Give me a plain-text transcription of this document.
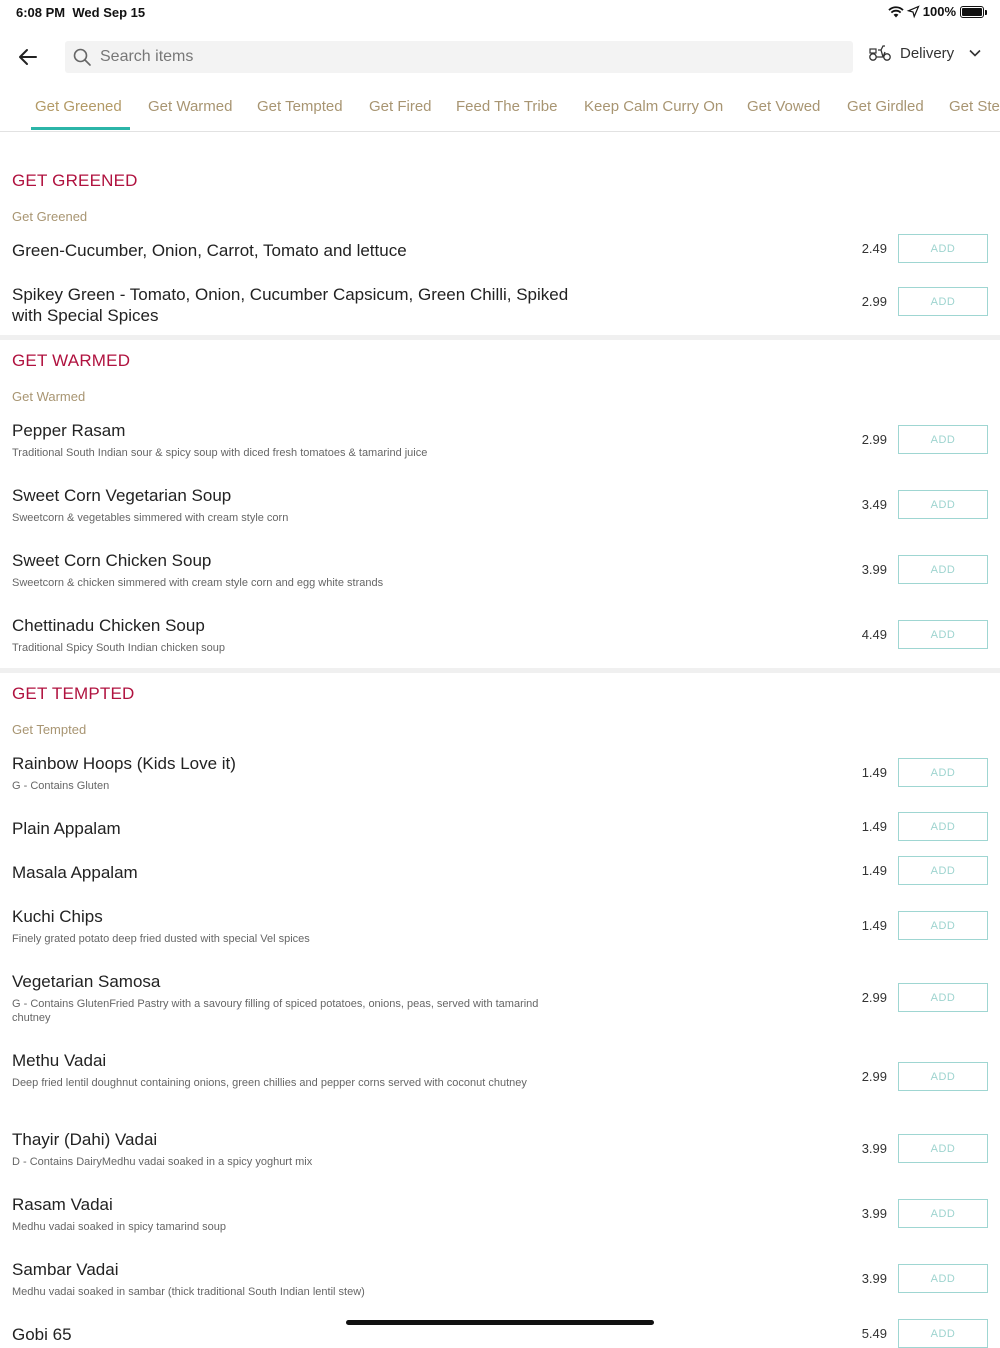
6:08 PM Wed Sep 15	100%
Search items
Delivery
Get Greened Get Warmed Get Tempted Get Fired Feed The Tribe Keep Calm Curry On Get Vowed Get Girdled Get Ste
GET GREENED
Get Greened
Green-Cucumber, Onion, Carrot, Tomato and lettuce	2.49	ADD
Spikey Green - Tomato, Onion, Cucumber Capsicum, Green Chilli, Spiked with Special Spices
2.99	ADD
GET WARMED
Get Warmed
Pepper Rasam
Traditional South Indian sour & spicy soup with diced fresh tomatoes & tamarind juice
2.99	ADD
Sweet Corn Vegetarian Soup
Sweetcorn & vegetables simmered with cream style corn
3.49	ADD
Sweet Corn Chicken Soup
Sweetcorn & chicken simmered with cream style corn and egg white strands
3.99	ADD
Chettinadu Chicken Soup
Traditional Spicy South Indian chicken soup
4.49	ADD
GET TEMPTED
Get Tempted
Rainbow Hoops (Kids Love it)
G - Contains Gluten
1.49	ADD
Plain Appalam	1.49	ADD
Masala Appalam	1.49	ADD
Kuchi Chips
Finely grated potato deep fried dusted with special Vel spices
1.49	ADD
Vegetarian Samosa
G - Contains GlutenFried Pastry with a savoury filling of spiced potatoes, onions, peas, served with tamarind chutney
2.99	ADD
Methu Vadai
Deep fried lentil doughnut containing onions, green chillies and pepper corns served with coconut chutney	2.99	ADD
Thayir (Dahi) Vadai
D - Contains DairyMedhu vadai soaked in a spicy yoghurt mix
3.99	ADD
Rasam Vadai
Medhu vadai soaked in spicy tamarind soup
3.99	ADD
Sambar Vadai
Medhu vadai soaked in sambar (thick traditional South Indian lentil stew)
3.99	ADD
Gobi 65	5.49	ADD
